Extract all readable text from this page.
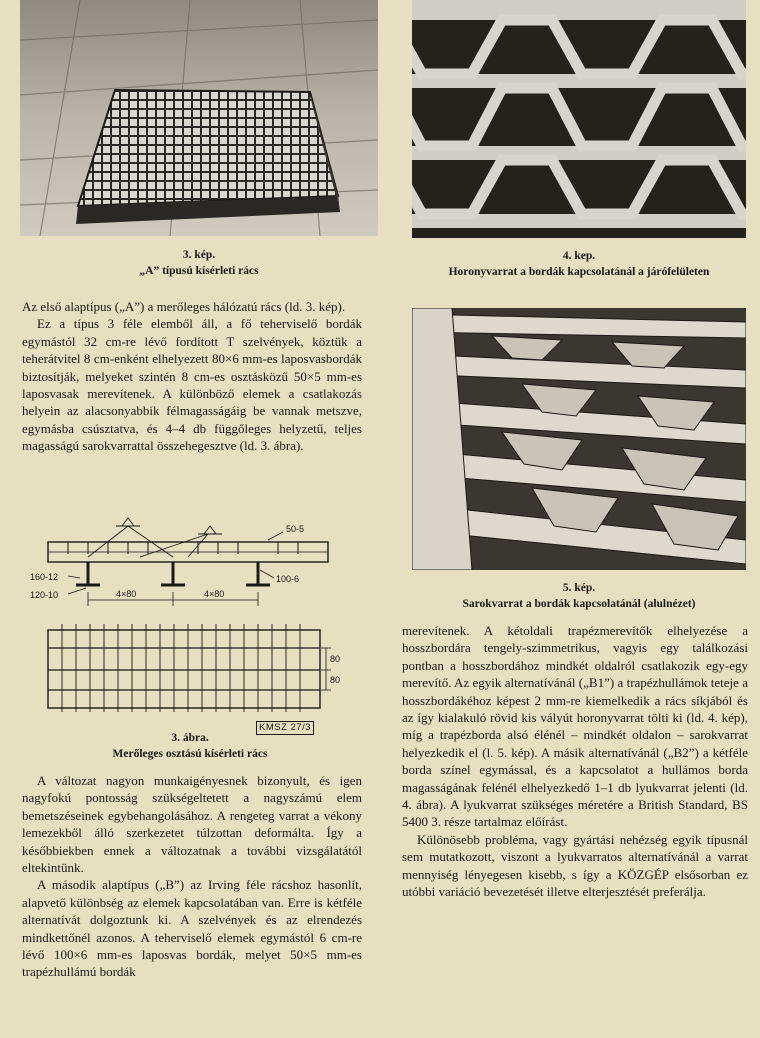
3. kép.
„A” típusú kísérleti rács
4. kep.
Horonyvarrat a bordák kapcsolatánál a járófelületen
5. kép.
Sarokvarrat a bordák kapcsolatánál (alulnézet)

Az első alaptípus („A”) a merőleges hálózatú rács (ld. 3. kép).

Ez a típus 3 féle elemből áll, a fő teherviselő bordák egymástól 32 cm-re lévő fordított T szelvények, köztük a teherátvitel 8 cm-enként elhelyezett 80×6 mm-es laposvasbordák biztosítják, melyeket szintén 8 cm-es osztásközű 50×5 mm-es laposvasak merevítenek. A különböző elemek a csatlakozás helyein az alacsonyabbik félmagasságáig be vannak metszve, egymásba csúsztatva, és 4–4 db függőleges helyzetű, teljes magasságú sarokvarrattal összehegesztve (ld. 3. ábra).

50-5
100-6
160-12
120-10	4×80	4×80
80
80
KMSZ 27/3
3. ábra.
Merőleges osztású kísérleti rács

A változat nagyon munkaigényesnek bizonyult, és igen nagyfokú pontosság szükségeltetett a nagyszámú elem bemetszéseinek egybehangolásához. A rengeteg varrat a vékony lemezekből álló szerkezetet túlzottan deformálta. Így a későbbiekben ennek a változatnak a további vizsgálatától eltekintünk.

A második alaptípus („B”) az Irving féle rácshoz hasonlít, alapvető különbség az elemek kapcsolatában van. Erre is kétféle alternatívát dolgoztunk ki. A szelvények és az elrendezés mindkettőnél azonos. A teherviselő elemek egymástól 6 cm-re lévő 100×6 mm-es laposvas bordák, melyet 50×5 mm-es trapézhullámú bordák

merevítenek. A kétoldali trapézmerevítők elhelyezése a hosszbordára tengely-szimmetrikus, vagyis egy találkozási pontban a hosszbordához mindkét oldalról csatlakozik egy-egy merevítő. Az egyik alternatívánál („B1”) a trapézhullámok teteje a hosszbordákéhoz képest 2 mm-re kiemelkedik a rács síkjából és az így kialakuló rövid kis vályút horonyvarrat tölti ki (ld. 4. kép), míg a trapézborda alsó élénél – mindkét oldalon – sarokvarrat helyezkedik el (l. 5. kép). A másik alternatívánál („B2”) a kétféle borda színel egymással, és a kapcsolatot a hullámos borda magasságának felénél elhelyezkedő 1–1 db lyukvarrat jelenti (ld. 4. ábra). A lyukvarrat szükséges méretére a British Standard, BS 5400 3. része tartalmaz előírást.

Különösebb probléma, vagy gyártási nehézség egyik típusnál sem mutatkozott, viszont a lyukvarratos alternatívánál a varrat mennyiség lényegesen kisebb, s így a KÖZGÉP elsősorban ez utóbbi variáció bevezetését illetve elterjesztését preferálja.
